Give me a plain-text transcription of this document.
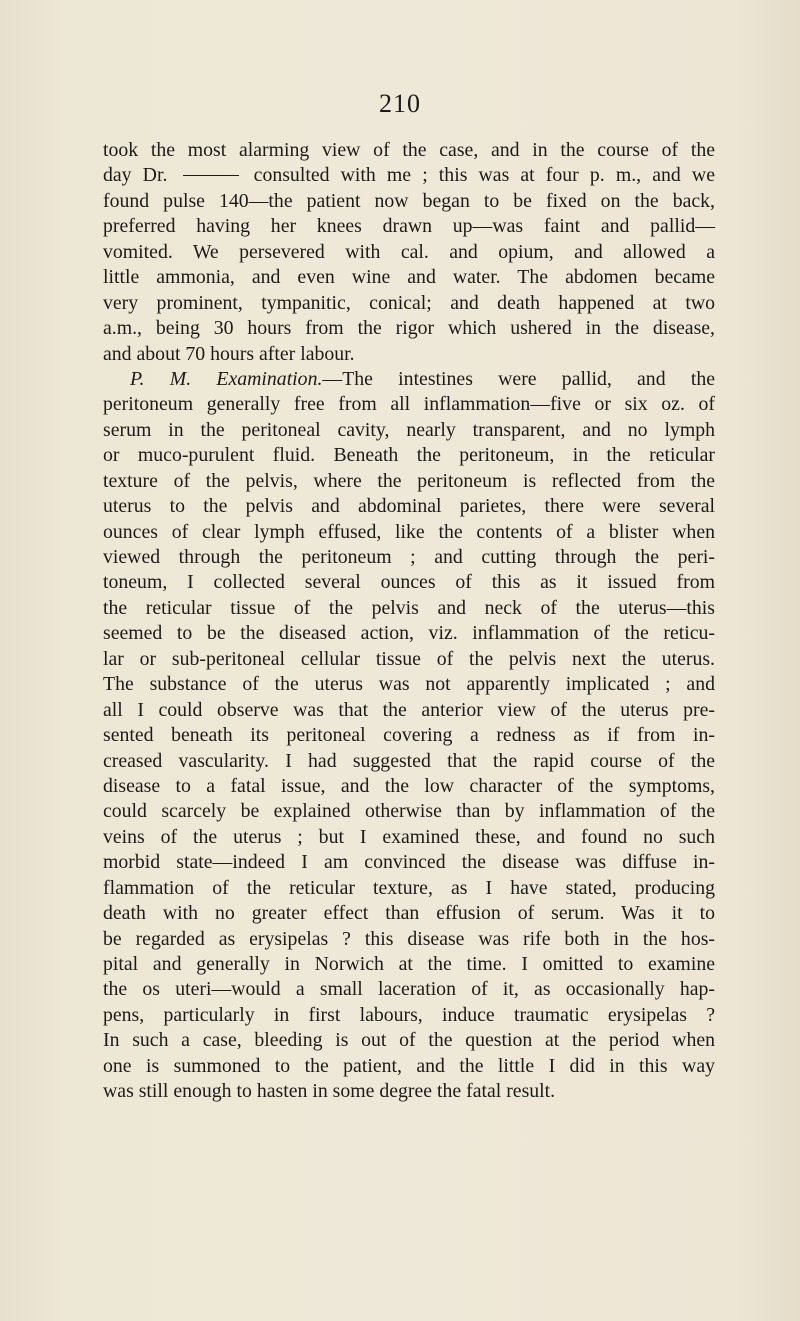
210
took the most alarming view of the case, and in the course of the
day Dr.	consulted with me ; this was at four p. m., and we
found pulse 140—the patient now began to be fixed on the back,
preferred having her knees drawn up—was faint and pallid—
vomited. We persevered with cal. and opium, and allowed a
little ammonia, and even wine and water. The abdomen became
very prominent, tympanitic, conical; and death happened at two
a.m., being 30 hours from the rigor which ushered in the disease,
and about 70 hours after labour.
P. M. Examination.—The intestines were pallid, and the
peritoneum generally free from all inflammation—five or six oz. of
serum in the peritoneal cavity, nearly transparent, and no lymph
or muco-purulent fluid. Beneath the peritoneum, in the reticular
texture of the pelvis, where the peritoneum is reflected from the
uterus to the pelvis and abdominal parietes, there were several
ounces of clear lymph effused, like the contents of a blister when
viewed through the peritoneum ; and cutting through the peri-
toneum, I collected several ounces of this as it issued from
the reticular tissue of the pelvis and neck of the uterus—this
seemed to be the diseased action, viz. inflammation of the reticu-
lar or sub-peritoneal cellular tissue of the pelvis next the uterus.
The substance of the uterus was not apparently implicated ; and
all I could observe was that the anterior view of the uterus pre-
sented beneath its peritoneal covering a redness as if from in-
creased vascularity. I had suggested that the rapid course of the
disease to a fatal issue, and the low character of the symptoms,
could scarcely be explained otherwise than by inflammation of the
veins of the uterus ; but I examined these, and found no such
morbid state—indeed I am convinced the disease was diffuse in-
flammation of the reticular texture, as I have stated, producing
death with no greater effect than effusion of serum. Was it to
be regarded as erysipelas ? this disease was rife both in the hos-
pital and generally in Norwich at the time. I omitted to examine
the os uteri—would a small laceration of it, as occasionally hap-
pens, particularly in first labours, induce traumatic erysipelas ?
In such a case, bleeding is out of the question at the period when
one is summoned to the patient, and the little I did in this way
was still enough to hasten in some degree the fatal result.
